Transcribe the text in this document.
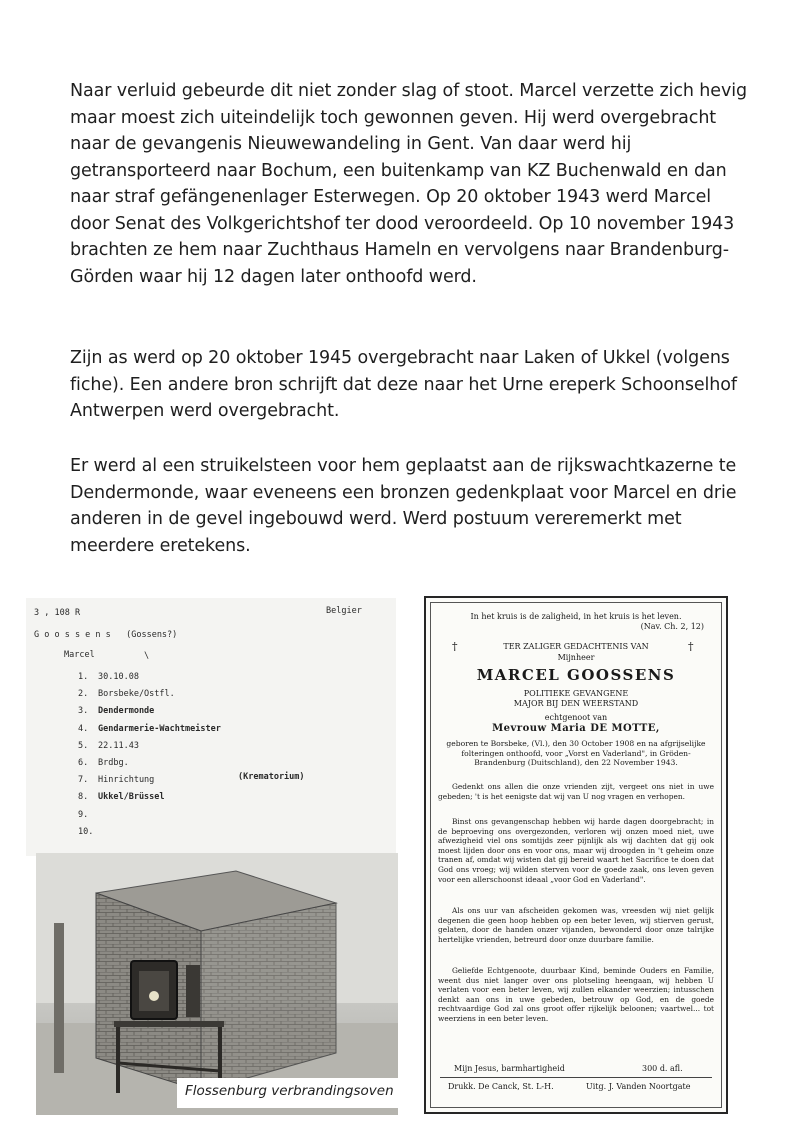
Naar verluid gebeurde dit niet zonder slag of stoot. Marcel verzette zich hevig maar moest zich uiteindelijk toch gewonnen geven. Hij werd overgebracht naar de gevangenis Nieuwewandeling in Gent. Van daar werd hij getransporteerd naar Bochum, een buitenkamp van KZ Buchenwald en dan naar straf gefängenenlager Esterwegen. Op 20 oktober 1943 werd Marcel door Senat des Volkgerichtshof ter dood veroordeeld. Op 10 november 1943 brachten ze hem naar Zuchthaus Hameln en vervolgens naar Brandenburg-Görden waar hij 12 dagen later onthoofd werd.

Zijn as werd op 20 oktober 1945 overgebracht naar Laken of Ukkel (volgens fiche). Een andere bron schrijft dat deze naar het Urne ereperk Schoonselhof Antwerpen werd overgebracht.

Er werd al een struikelsteen voor hem geplaatst aan de rijkswachtkazerne te Dendermonde, waar eveneens een bronzen gedenkplaat voor Marcel en drie anderen in de gevel ingebouwd werd. Werd postuum vereremerkt met meerdere eretekens.

3 , 108 R	Belgier
G o o s s e n s   (Gossens?)
Marcel	\
1. 30.10.08
2. Borsbeke/Ostfl.
3. Dendermonde
4. Gendarmerie-Wachtmeister
5. 22.11.43
6. Brdbg.
7. Hinrichtung
8. Ukkel/Brüssel
9.
10.
(Krematorium)
Flossenburg verbrandingsoven
In het kruis is de zaligheid, in het kruis is het leven.
(Nav. Ch. 2, 12)
†	†
TER ZALIGER GEDACHTENIS VAN
Mijnheer
MARCEL GOOSSENS
POLITIEKE GEVANGENE
MAJOR BIJ DEN WEERSTAND
echtgenoot van
Mevrouw Maria DE MOTTE,
geboren te Borsbeke, (Vl.), den 30 October 1908 en na afgrijselijke folteringen onthoofd, voor „Vorst en Vaderland", in Gröden-Brandenburg (Duitschland), den 22 November 1943.
Gedenkt ons allen die onze vrienden zijt, vergeet ons niet in uwe gebeden; 't is het eenigste dat wij van U nog vragen en verhopen.
Binst ons gevangenschap hebben wij harde dagen doorgebracht; in de beproeving ons overgezonden, verloren wij onzen moed niet, uwe afwezigheid viel ons somtijds zeer pijnlijk als wij dachten dat gij ook moest lijden door ons en voor ons, maar wij droogden in 't geheim onze tranen af, omdat wij wisten dat gij bereid waart het Sacrifice te doen dat God ons vroeg; wij wilden sterven voor de goede zaak, ons leven geven voor een allerschoonst ideaal „voor God en Vaderland".
Als ons uur van afscheiden gekomen was, vreesden wij niet gelijk degenen die geen hoop hebben op een beter leven, wij stierven gerust, gelaten, door de handen onzer vijanden, bewonderd door onze talrijke hertelijke vrienden, betreurd door onze duurbare familie.
Geliefde Echtgenoote, duurbaar Kind, beminde Ouders en Familie, weent dus niet langer over ons plotseling heengaan, wij hebben U verlaten voor een beter leven, wij zullen elkander weerzien; intusschen denkt aan ons in uwe gebeden, betrouw op God, en de goede rechtvaardige God zal ons groot offer rijkelijk beloonen; vaartwel... tot weerziens in een beter leven.
Mijn Jesus, barmhartigheid	300 d. afl.
Drukk. De Canck, St. L-H.	Uitg. J. Vanden Noortgate
